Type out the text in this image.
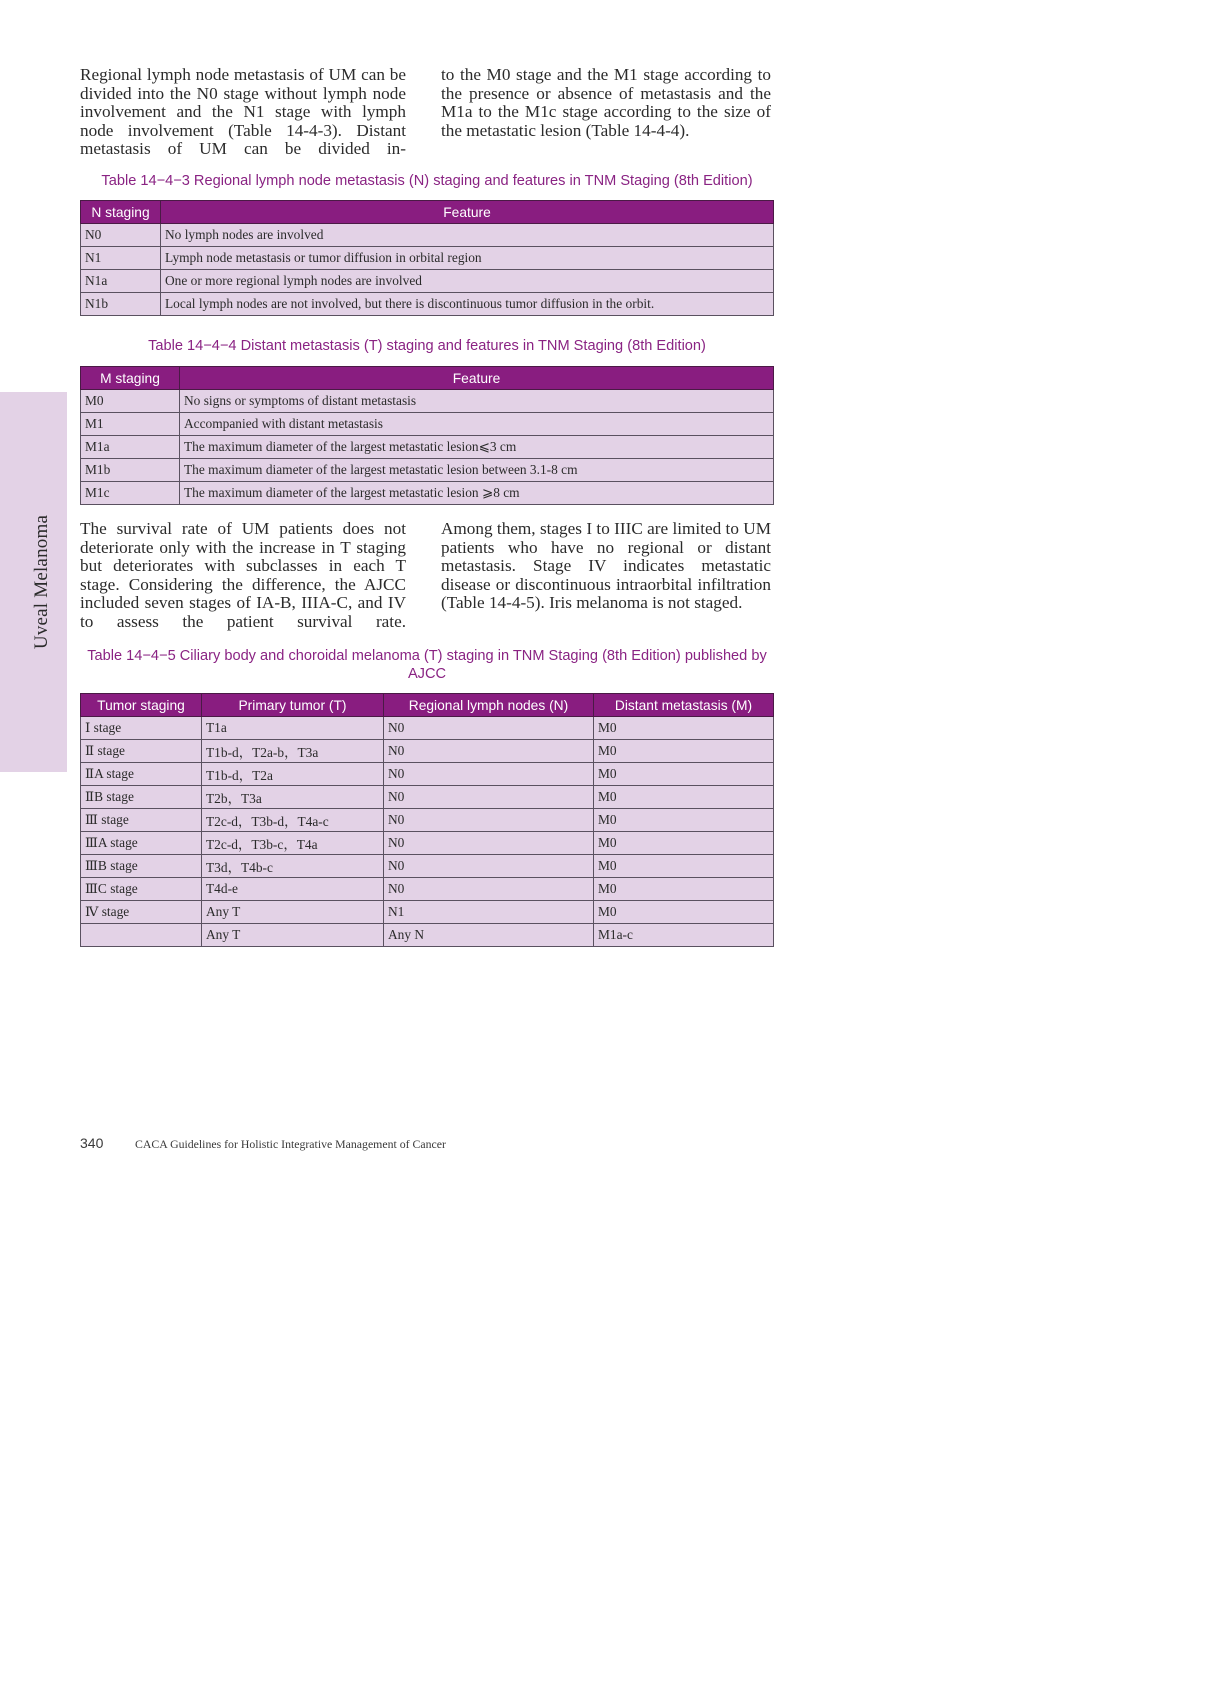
Uveal Melanoma
Regional lymph node metastasis of UM can be divided into the N0 stage without lymph node involvement and the N1 stage with lymph node involvement (Table 14-4-3). Distant metastasis of UM can be divided in-
to the M0 stage and the M1 stage according to the presence or absence of metastasis and the M1a to the M1c stage according to the size of the metastatic lesion (Table 14-4-4).
Table 14−4−3 Regional lymph node metastasis (N) staging and features in TNM Staging (8th Edition)
N staging	Feature
N0	No lymph nodes are involved
N1	Lymph node metastasis or tumor diffusion in orbital region
N1a	One or more regional lymph nodes are involved
N1b	Local lymph nodes are not involved, but there is discontinuous tumor diffusion in the orbit.
Table 14−4−4 Distant metastasis (T) staging and features in TNM Staging (8th Edition)
M staging	Feature
M0	No signs or symptoms of distant metastasis
M1	Accompanied with distant metastasis
M1a	The maximum diameter of the largest metastatic lesion⩽3 cm
M1b	The maximum diameter of the largest metastatic lesion between 3.1-8 cm
M1c	The maximum diameter of the largest metastatic lesion ⩾8 cm
The survival rate of UM patients does not deteriorate only with the increase in T staging but deteriorates with subclasses in each T stage. Considering the difference, the AJCC included seven stages of IA-B, IIIA-C, and IV to assess the patient survival rate.
Among them, stages I to IIIC are limited to UM patients who have no regional or distant metastasis. Stage IV indicates metastatic disease or discontinuous intraorbital infiltration (Table 14-4-5). Iris melanoma is not staged.
Table 14−4−5 Ciliary body and choroidal melanoma (T) staging in TNM Staging (8th Edition) published by AJCC
Tumor staging	Primary tumor (T)	Regional lymph nodes (N)	Distant metastasis (M)
Ⅰ stage	T1a	N0	M0
Ⅱ stage	T1b-d，T2a-b，T3a	N0	M0
ⅡA stage	T1b-d，T2a	N0	M0
ⅡB stage	T2b，T3a	N0	M0
Ⅲ stage	T2c-d，T3b-d，T4a-c	N0	M0
ⅢA stage	T2c-d，T3b-c，T4a	N0	M0
ⅢB stage	T3d，T4b-c	N0	M0
ⅢC stage	T4d-e	N0	M0
Ⅳ stage	Any T	N1	M0
	Any T	Any N	M1a-c
340	CACA Guidelines for Holistic Integrative Management of Cancer
